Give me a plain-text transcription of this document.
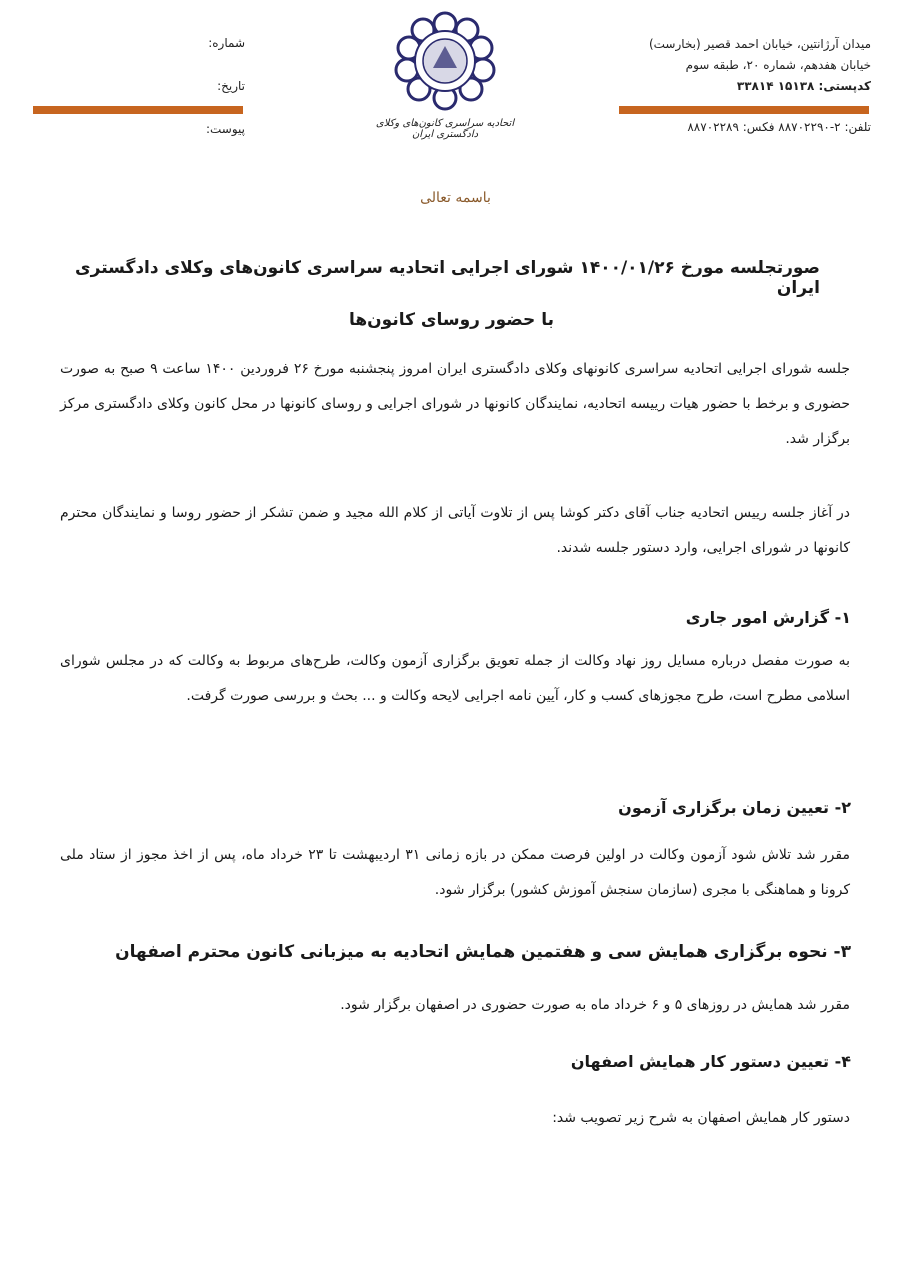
میدان آرژانتین، خیابان احمد قصیر (بخارست)
خیابان هفدهم، شماره ۲۰، طبقه سوم
کدپستی: ۱۵۱۳۸ ۳۳۸۱۴
تلفن: ۲-۸۸۷۰۲۲۹۰ فکس: ۸۸۷۰۲۲۸۹
شماره:
تاریخ:
پیوست:	اتحادیه سراسری کانون‌های وکلای دادگستری ایران
باسمه تعالی
صورتجلسه مورخ ۱۴۰۰/۰۱/۲۶ شورای اجرایی اتحادیه سراسری کانون‌های وکلای دادگستری ایران
با حضور روسای کانون‌ها
جلسه شورای اجرایی اتحادیه سراسری کانونهای وکلای دادگستری ایران امروز پنجشنبه مورخ ۲۶ فروردین ۱۴۰۰ ساعت ۹ صبح به صورت حضوری و برخط با حضور هیات رییسه اتحادیه، نمایندگان کانونها در شورای اجرایی و روسای کانونها در محل کانون وکلای دادگستری مرکز برگزار شد.
در آغاز جلسه رییس اتحادیه جناب آقای دکتر کوشا پس از تلاوت آیاتی از کلام الله مجید و ضمن تشکر از حضور روسا و نمایندگان محترم کانونها در شورای اجرایی، وارد دستور جلسه شدند.
۱- گزارش امور جاری
به صورت مفصل درباره مسایل روز نهاد وکالت از جمله تعویق برگزاری آزمون وکالت، طرح‌های مربوط به وکالت که در مجلس شورای اسلامی مطرح است، طرح مجوزهای کسب و کار، آیین نامه اجرایی لایحه وکالت و ... بحث و بررسی صورت گرفت.
۲- تعیین زمان برگزاری آزمون
مقرر شد تلاش شود آزمون وکالت در اولین فرصت ممکن در بازه زمانی ۳۱ اردیبهشت تا ۲۳ خرداد ماه، پس از اخذ مجوز از ستاد ملی کرونا و هماهنگی با مجری (سازمان سنجش آموزش کشور) برگزار شود.
۳- نحوه برگزاری همایش سی و هفتمین همایش اتحادیه به میزبانی کانون محترم اصفهان
مقرر شد همایش در روزهای ۵ و ۶ خرداد ماه به صورت حضوری در اصفهان برگزار شود.
۴- تعیین دستور کار همایش اصفهان
دستور کار همایش اصفهان به شرح زیر تصویب شد:
